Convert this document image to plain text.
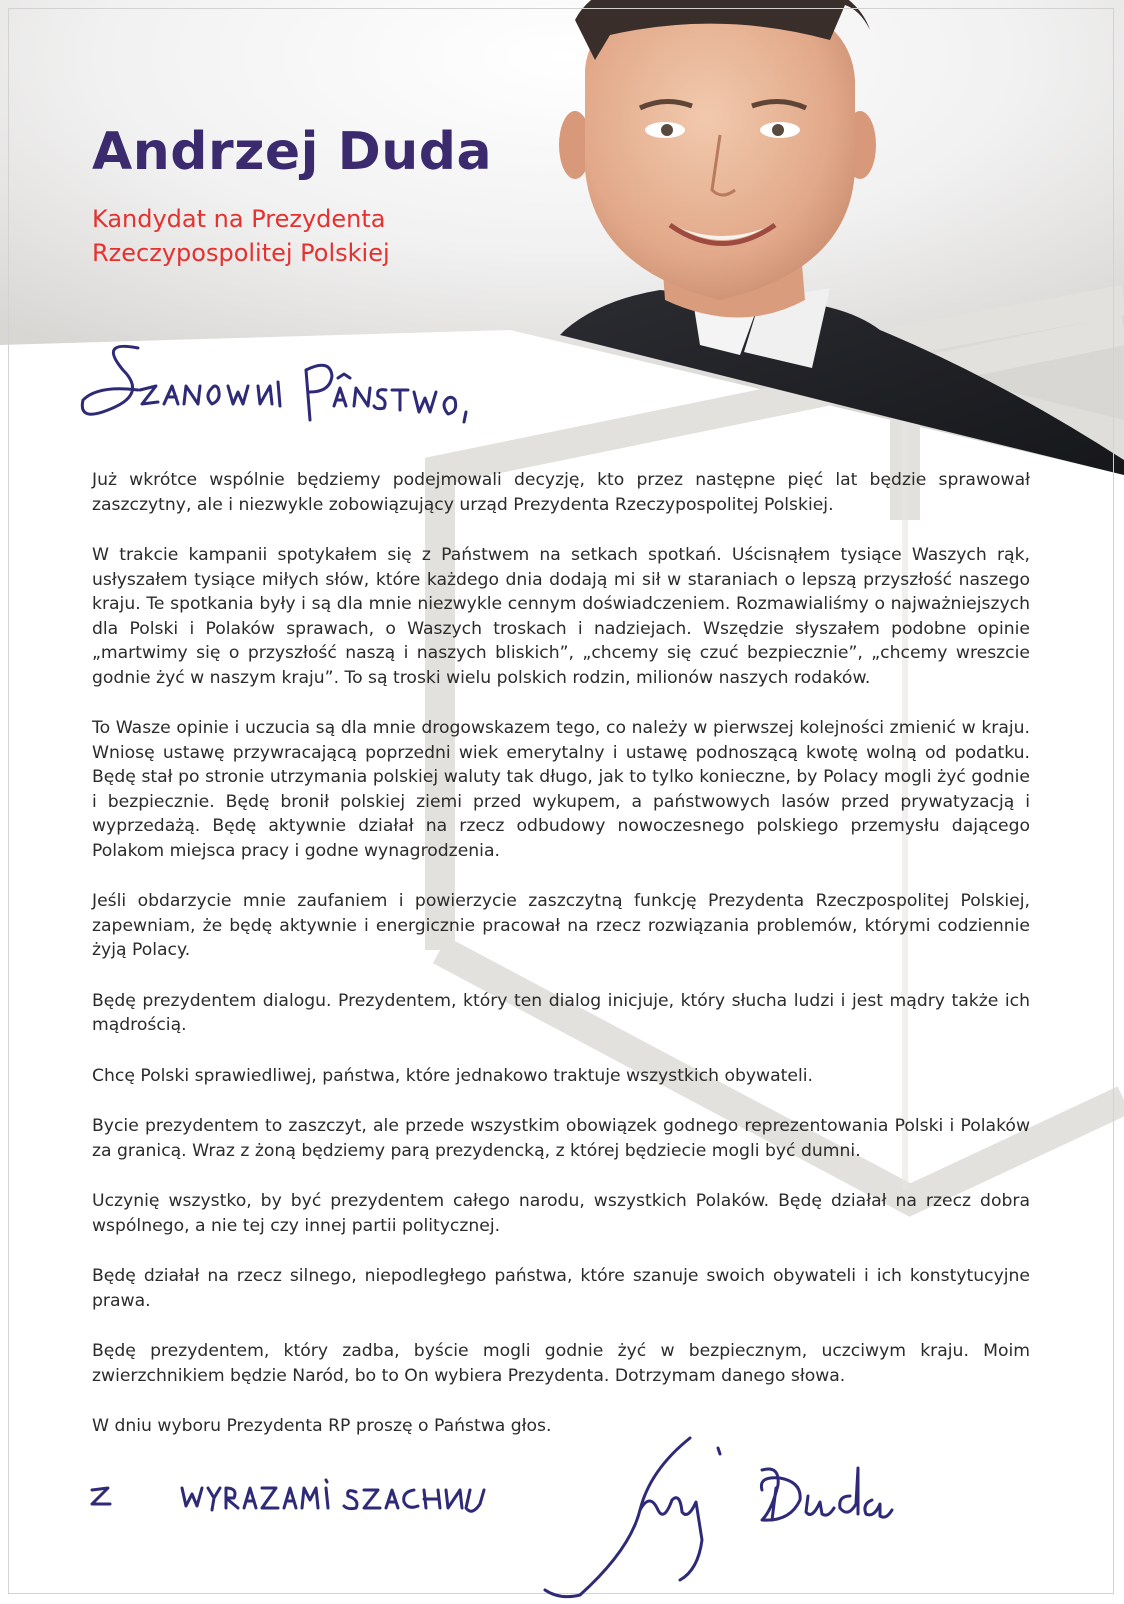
Andrzej Duda
Kandydat na Prezydenta
Rzeczypospolitej Polskiej

Już wkrótce wspólnie będziemy podejmowali decyzję, kto przez następne pięć lat będzie sprawował zaszczytny, ale i niezwykle zobowiązujący urząd Prezydenta Rzeczypospolitej Polskiej.

W trakcie kampanii spotykałem się z Państwem na setkach spotkań. Uścisnąłem tysiące Waszych rąk, usłyszałem tysiące miłych słów, które każdego dnia dodają mi sił w staraniach o lepszą przyszłość naszego kraju. Te spotkania były i są dla mnie niezwykle cennym doświadczeniem. Rozmawialiśmy o najważniejszych dla Polski i Polaków sprawach, o Waszych troskach i nadziejach. Wszędzie słyszałem podobne opinie „martwimy się o przyszłość naszą i naszych bliskich”, „chcemy się czuć bezpiecznie”, „chcemy wreszcie godnie żyć w naszym kraju”. To są troski wielu polskich rodzin, milionów naszych rodaków.

To Wasze opinie i uczucia są dla mnie drogowskazem tego, co należy w pierwszej kolejności zmienić w kraju. Wniosę ustawę przywracającą poprzedni wiek emerytalny i ustawę podnoszącą kwotę wolną od podatku. Będę stał po stronie utrzymania polskiej waluty tak długo, jak to tylko konieczne, by Polacy mogli żyć godnie i bezpiecznie. Będę bronił polskiej ziemi przed wykupem, a państwowych lasów przed prywatyzacją i wyprzedażą. Będę aktywnie działał na rzecz odbudowy nowoczesnego polskiego przemysłu dającego Polakom miejsca pracy i godne wynagrodzenia.

Jeśli obdarzycie mnie zaufaniem i powierzycie zaszczytną funkcję Prezydenta Rzeczpospolitej Polskiej, zapewniam, że będę aktywnie i energicznie pracował na rzecz rozwiązania problemów, którymi codziennie żyją Polacy.

Będę prezydentem dialogu. Prezydentem, który ten dialog inicjuje, który słucha ludzi i jest mądry także ich mądrością.

Chcę Polski sprawiedliwej, państwa, które jednakowo traktuje wszystkich obywateli.

Bycie prezydentem to zaszczyt, ale przede wszystkim obowiązek godnego reprezentowania Polski i Polaków za granicą. Wraz z żoną będziemy parą prezydencką, z której będziecie mogli być dumni.

Uczynię wszystko, by być prezydentem całego narodu, wszystkich Polaków. Będę działał na rzecz dobra wspólnego, a nie tej czy innej partii politycznej.

Będę działał na rzecz silnego, niepodległego państwa, które szanuje swoich obywateli i ich konstytucyjne prawa.

Będę prezydentem, który zadba, byście mogli godnie żyć w bezpiecznym, uczciwym kraju. Moim zwierzchnikiem będzie Naród, bo to On wybiera Prezydenta. Dotrzymam danego słowa.

W dniu wyboru Prezydenta RP proszę o Państwa głos.
